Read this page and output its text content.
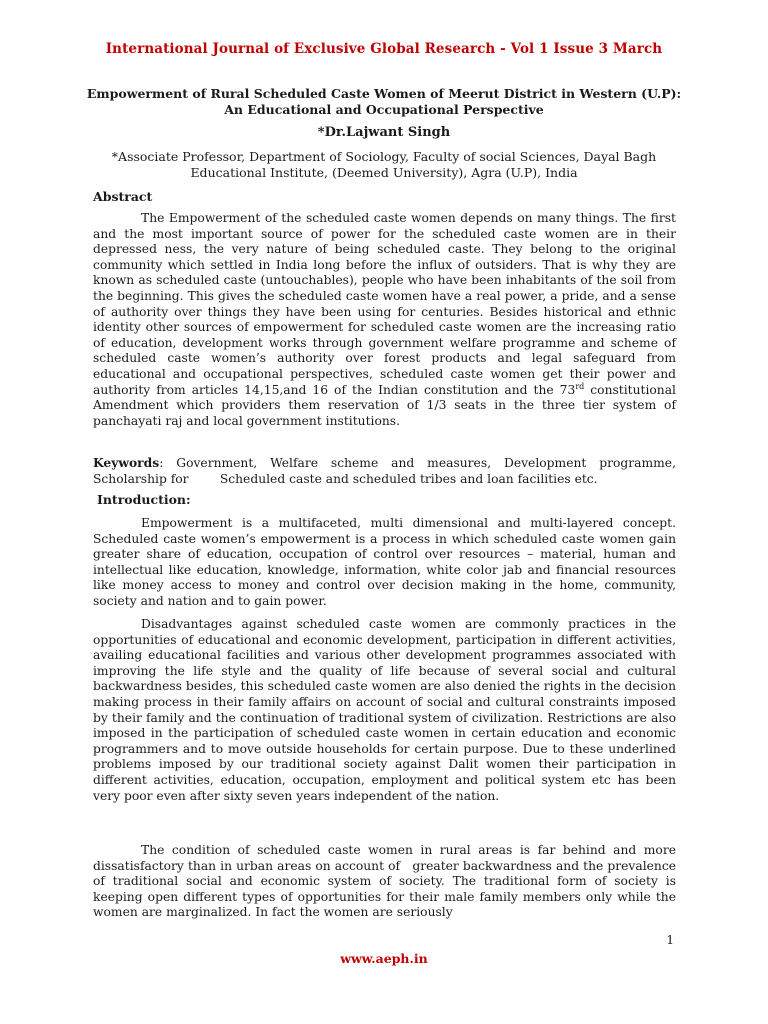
International Journal of Exclusive Global Research - Vol 1 Issue 3 March
Empowerment of Rural Scheduled Caste Women of Meerut District in Western (U.P): An Educational and Occupational Perspective
*Dr.Lajwant Singh
*Associate Professor, Department of Sociology, Faculty of social Sciences, Dayal Bagh Educational Institute, (Deemed University), Agra (U.P), India
Abstract

The Empowerment of the scheduled caste women depends on many things. The first and the most important source of power for the scheduled caste women are in their depressed ness, the very nature of being scheduled caste. They belong to the original community which settled in India long before the influx of outsiders. That is why they are known as scheduled caste (untouchables), people who have been inhabitants of the soil from the beginning. This gives the scheduled caste women have a real power, a pride, and a sense of authority over things they have been using for centuries. Besides historical and ethnic identity other sources of empowerment for scheduled caste women are the increasing ratio of education, development works through government welfare programme and scheme of scheduled caste women’s authority over forest products and legal safeguard from educational and occupational perspectives, scheduled caste women get their power and authority from articles 14,15,and 16 of the Indian constitution and the 73rd constitutional Amendment which providers them reservation of 1/3 seats in the three tier system of panchayati raj and local government institutions.

Keywords: Government, Welfare scheme and measures, Development programme, Scholarship for        Scheduled caste and scheduled tribes and loan facilities etc.

Introduction:

Empowerment is a multifaceted, multi dimensional and multi-layered concept. Scheduled caste women’s empowerment is a process in which scheduled caste women gain greater share of education, occupation of control over resources – material, human and intellectual like education, knowledge, information, white color jab and financial resources like money access to money and control over decision making in the home, community, society and nation and to gain power.

Disadvantages against scheduled caste women are commonly practices in the opportunities of educational and economic development, participation in different activities, availing educational facilities and various other development programmes associated with improving the life style and the quality of life because of several social and cultural backwardness besides, this scheduled caste women are also denied the rights in the decision making process in their family affairs on account of social and cultural constraints imposed by their family and the continuation of traditional system of civilization. Restrictions are also imposed in the participation of scheduled caste women in certain education and economic programmers and to move outside households for certain purpose. Due to these underlined problems imposed by our traditional society against Dalit women their participation in different activities, education, occupation, employment and political system etc has been very poor even after sixty seven years independent of the nation.

The condition of scheduled caste women in rural areas is far behind and more dissatisfactory than in urban areas on account of   greater backwardness and the prevalence of traditional social and economic system of society. The traditional form of society is keeping open different types of opportunities for their male family members only while the women are marginalized. In fact the women are seriously

1
www.aeph.in
